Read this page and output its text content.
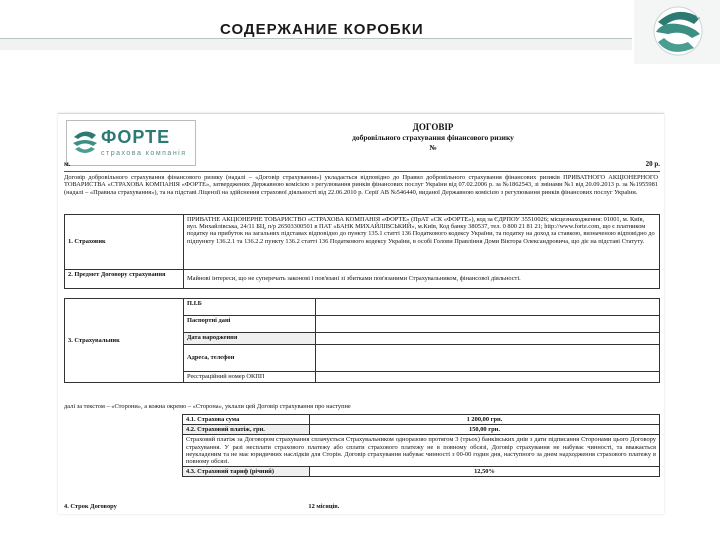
СОДЕРЖАНИЕ КОРОБКИ
ФОРТЕ
страхова компанія
ДОГОВІР
добровільного страхування фінансового ризику
№
м.	20 р.
Договір добровільного страхування фінансового ризику (надалі – «Договір страхування») укладається відповідно до Правил добровільного страхування фінансових ризиків ПРИВАТНОГО АКЦІОНЕРНОГО ТОВАРИСТВА «СТРАХОВА КОМПАНІЯ «ФОРТЕ», затверджених Державною комісією з регулювання ринків фінансових послуг України від 07.02.2006 р. за №1862543, зі змінами №1 від 20.09.2013 р. за №1955981 (надалі – «Правила страхування»), та на підставі Ліцензії на здійснення страхової діяльності від 22.06.2010 р. Серії АВ №546440, виданої Державною комісією з регулювання ринків фінансових послуг України.
1. Страховик	ПРИВАТНЕ АКЦІОНЕРНЕ ТОВАРИСТВО «СТРАХОВА КОМПАНІЯ «ФОРТЕ» (ПрАТ «СК «ФОРТЕ»), код за ЄДРПОУ 35510026; місцезнаходження: 01001, м. Київ, вул. Михайлівська, 24/11 БЦ, п/р 26503300501 в ПАТ «БАНК МИХАЙЛІВСЬКИЙ», м.Київ, Код банку 380537, тел. 0 800 21 81 21; http://www.forte.com, що є платником податку на прибуток на загальних підставах відповідно до пункту 135.1 статті 136 Податкового кодексу України, та податку на доход за ставкою, визначеною відповідно до підпункту 136.2.1 та 136.2.2 пункту 136.2 статті 136 Податкового кодексу України, в особі Голови Правління Доми Віктора Олександровича, що діє на підставі Статуту.
2. Предмет Договору страхування	Майнові інтереси, що не суперечать законові і пов'язані зі збитками пов'язаними Страхувальником, фінансової діяльності.
3. Страхувальник	П.І.Б	
	Паспортні дані	
	Дата народження	
	Адреса, телефон	
	Реєстраційний номер ОКПП	
далі за текстом – «Сторони», а кожна окремо – «Сторона», уклали цей Договір страхування про наступне
4.1. Страхова сума	1 200,00 грн.
4.2. Страховий платіж, грн.	150,00 грн.
Страховий платіж за Договором страхування сплачується Страхувальником одноразово протягом 3 (трьох) банківських днів з дати підписання Сторонами цього Договору страхування. У разі несплати страхового платежу або сплати страхового платежу не в повному обсязі, Договір страхування не набуває чинності, та вважається неукладеним та не має юридичних наслідків для Сторін. Договір страхування набуває чинності з 00-00 годин дня, наступного за днем надходження страхового платежу в повному обсязі.	
4.3. Страховий тариф (річний)	12,50%
4. Строк Договору	12 місяців.
